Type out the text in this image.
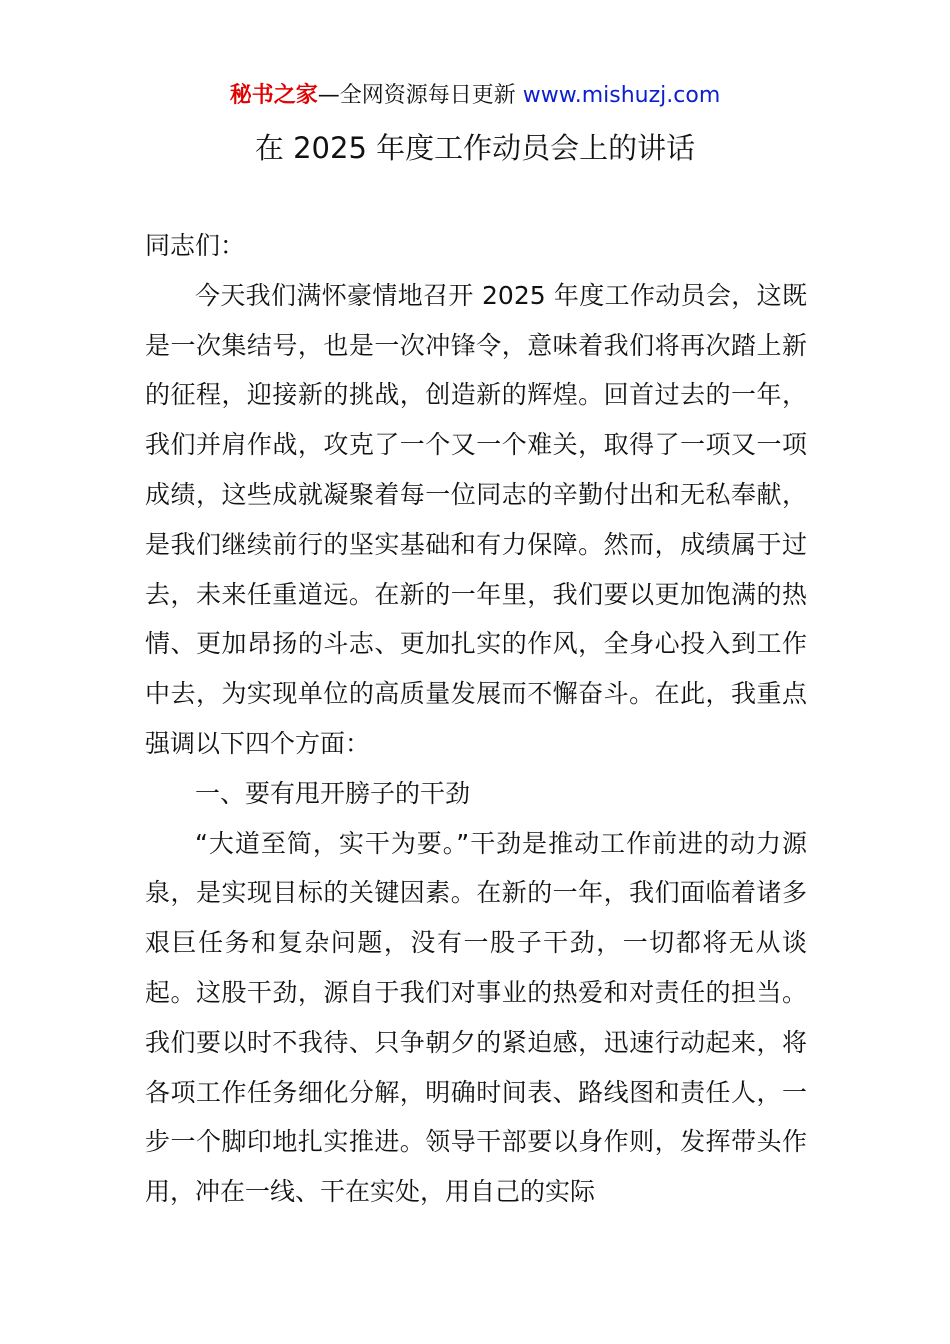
秘书之家—全网资源每日更新 www.mishuzj.com
在 2025 年度工作动员会上的讲话

同志们：

今天我们满怀豪情地召开 2025 年度工作动员会，这既是一次集结号，也是一次冲锋令，意味着我们将再次踏上新的征程，迎接新的挑战，创造新的辉煌。回首过去的一年，我们并肩作战，攻克了一个又一个难关，取得了一项又一项成绩，这些成就凝聚着每一位同志的辛勤付出和无私奉献，是我们继续前行的坚实基础和有力保障。然而，成绩属于过去，未来任重道远。在新的一年里，我们要以更加饱满的热情、更加昂扬的斗志、更加扎实的作风，全身心投入到工作中去，为实现单位的高质量发展而不懈奋斗。在此，我重点强调以下四个方面：

一、要有甩开膀子的干劲

“大道至简，实干为要。”干劲是推动工作前进的动力源泉，是实现目标的关键因素。在新的一年，我们面临着诸多艰巨任务和复杂问题，没有一股子干劲，一切都将无从谈起。这股干劲，源自于我们对事业的热爱和对责任的担当。我们要以时不我待、只争朝夕的紧迫感，迅速行动起来，将各项工作任务细化分解，明确时间表、路线图和责任人，一步一个脚印地扎实推进。领导干部要以身作则，发挥带头作用，冲在一线、干在实处，用自己的实际
